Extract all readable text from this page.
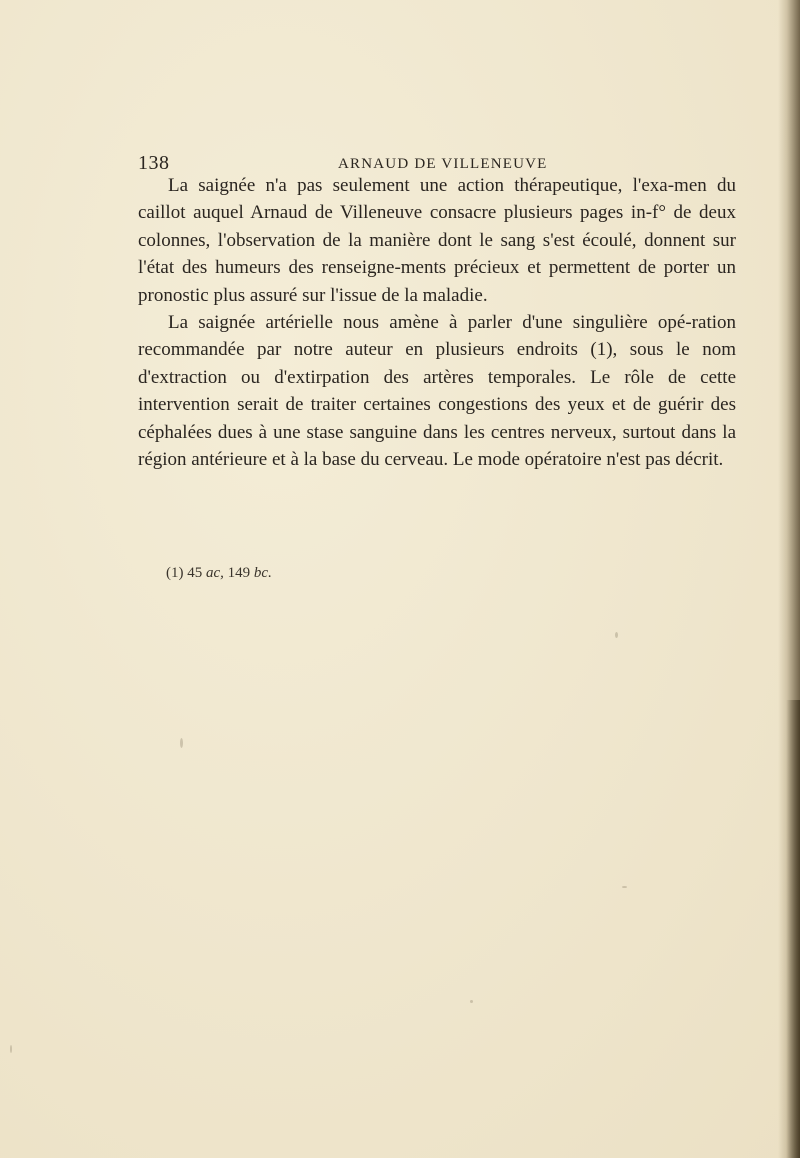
138	ARNAUD DE VILLENEUVE

La saignée n'a pas seulement une action thérapeutique, l'exa-men du caillot auquel Arnaud de Villeneuve consacre plusieurs pages in-f° de deux colonnes, l'observation de la manière dont le sang s'est écoulé, donnent sur l'état des humeurs des renseigne-ments précieux et permettent de porter un pronostic plus assuré sur l'issue de la maladie.

La saignée artérielle nous amène à parler d'une singulière opé-ration recommandée par notre auteur en plusieurs endroits (1), sous le nom d'extraction ou d'extirpation des artères temporales. Le rôle de cette intervention serait de traiter certaines congestions des yeux et de guérir des céphalées dues à une stase sanguine dans les centres nerveux, surtout dans la région antérieure et à la base du cerveau. Le mode opératoire n'est pas décrit.

(1) 45 ac, 149 bc.
